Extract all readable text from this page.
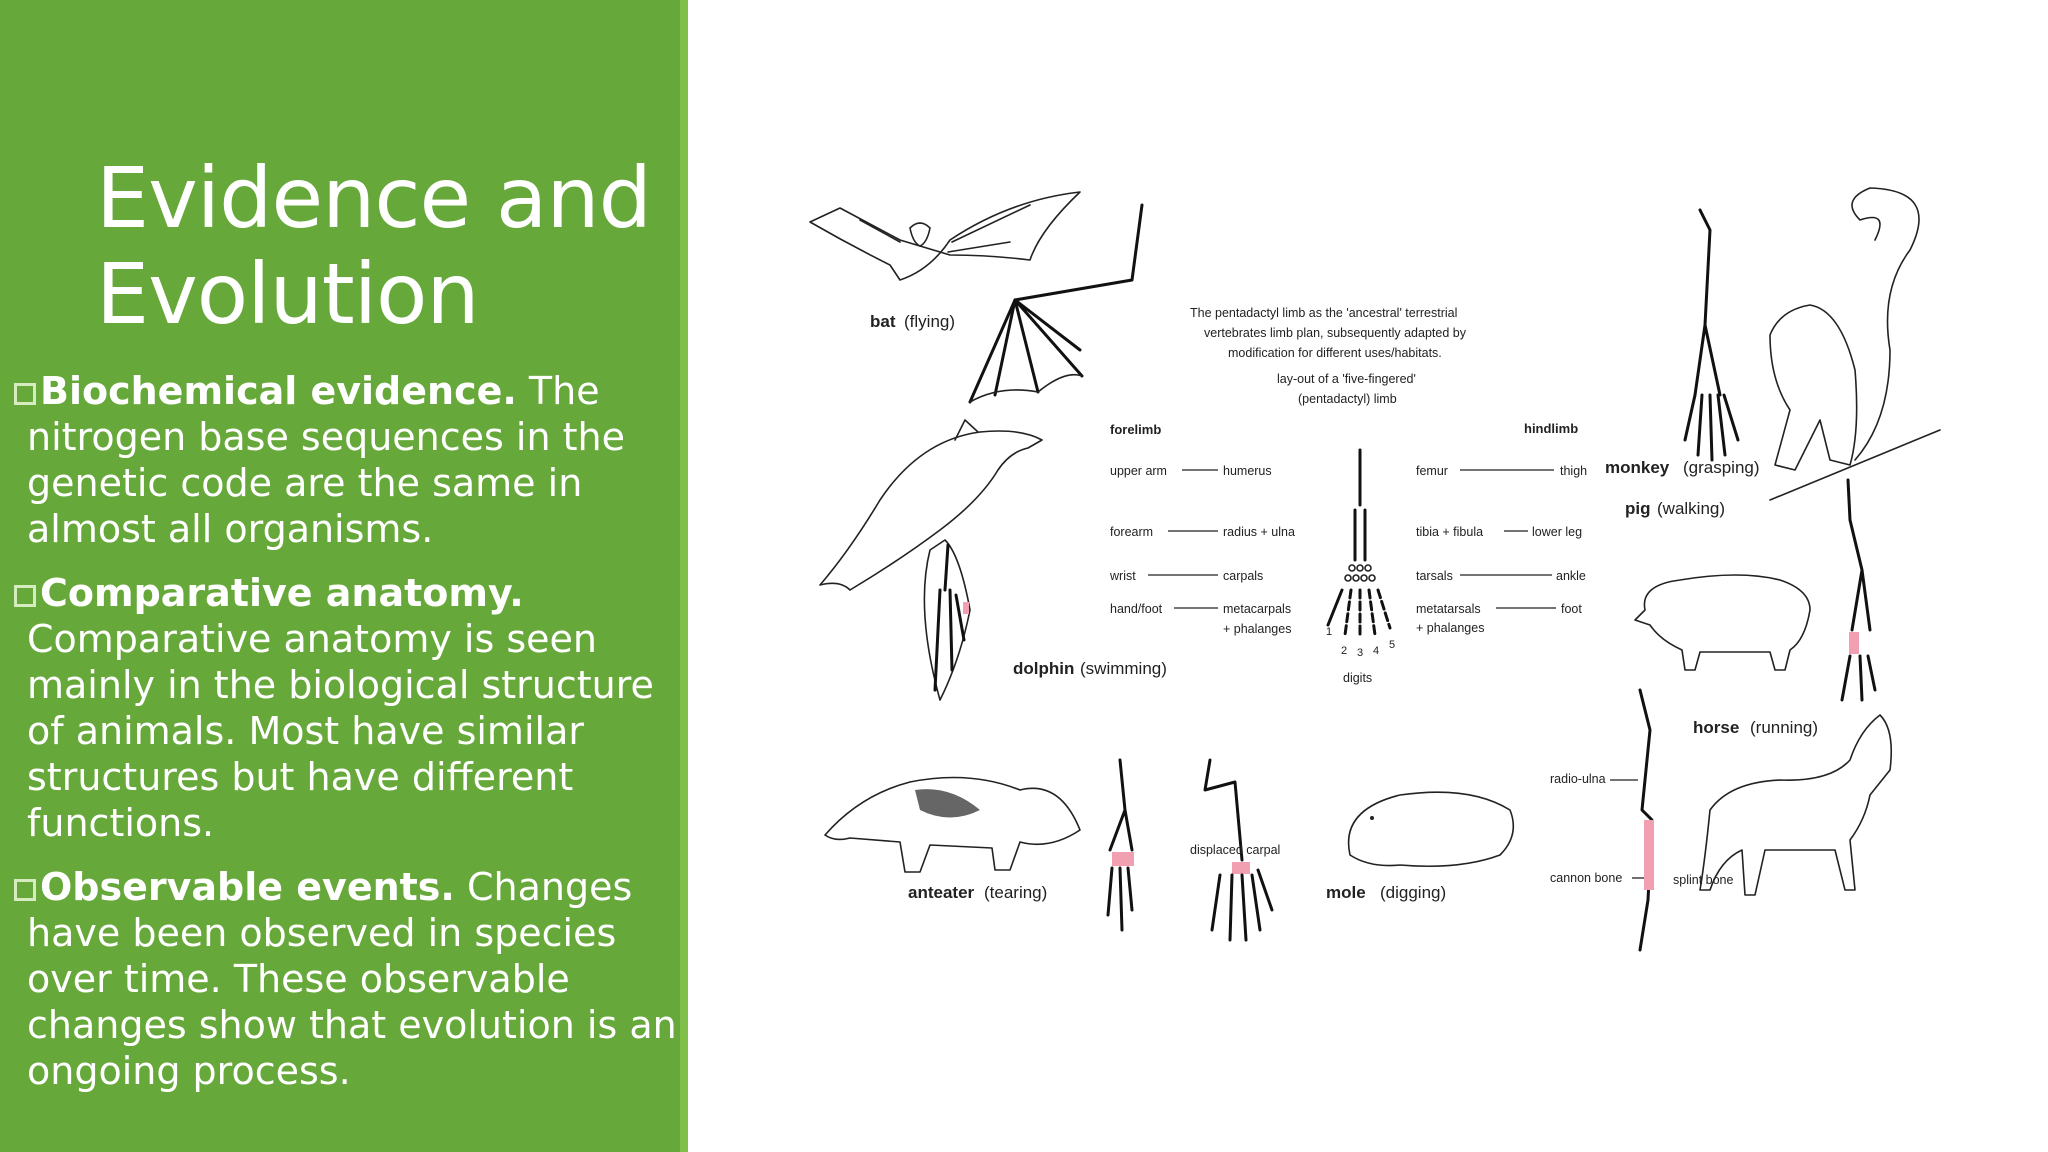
Evidence and
Evolution
Biochemical evidence. The
nitrogen base sequences in the
genetic code are the same in
almost all organisms.
Comparative anatomy.
Comparative anatomy is seen
mainly in the biological structure
of animals. Most have similar
structures but have different
functions.
Observable events. Changes
have been observed in species
over time. These observable
changes show that evolution is an
ongoing process.
The pentadactyl limb as the 'ancestral' terrestrial
vertebrates limb plan, subsequently adapted by
modification for different uses/habitats.
lay-out of a 'five-fingered'
(pentadactyl) limb
forelimb	hindlimb
upper arm	humerus
forearm	radius + ulna
wrist	carpals
hand/foot	metacarpals
+ phalanges
femur	thigh
tibia + fibula	lower leg
tarsals	ankle
metatarsals	foot
+ phalanges
1
2 3 4 5
digits
bat (flying)
dolphin (swimming)
anteater (tearing)
displaced carpal
mole (digging)
monkey (grasping)
pig (walking)
horse (running)
radio-ulna
cannon bone	splint bone
